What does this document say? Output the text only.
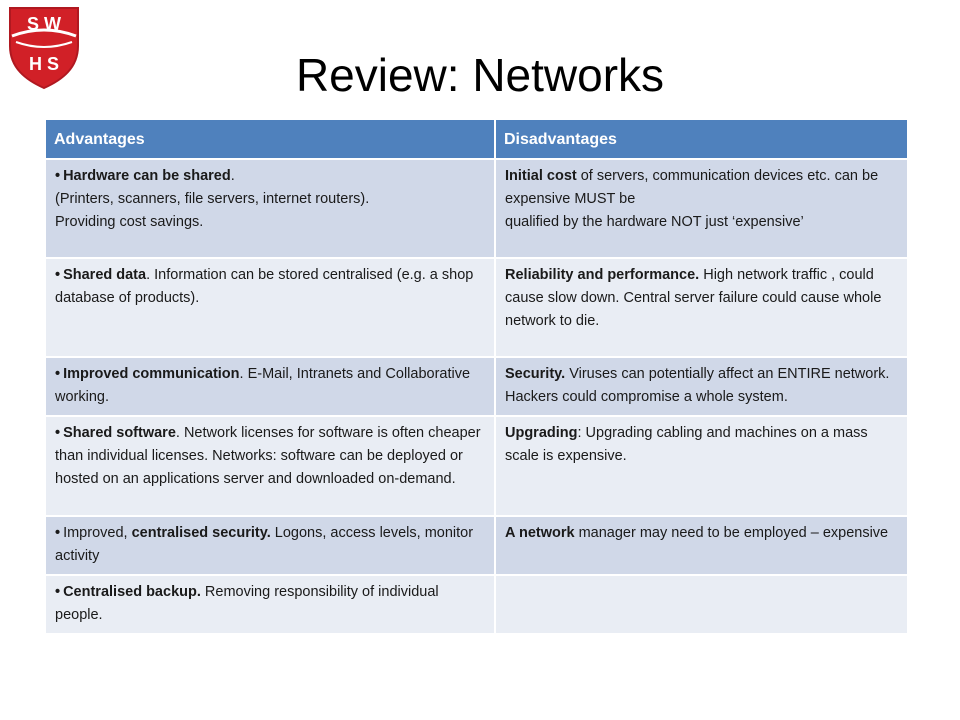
S W
H S	Review: Networks
Advantages	Disadvantages
• Hardware can be shared.
(Printers, scanners, file servers, internet routers).
Providing cost savings.	Initial cost of servers, communication devices etc. can be expensive MUST be
qualified by the hardware NOT just ‘expensive’
• Shared data. Information can be stored centralised (e.g. a shop database of products).	Reliability and performance. High network traffic , could cause slow down. Central server failure could cause whole network to die.
• Improved communication. E-Mail, Intranets and Collaborative working.	Security. Viruses can potentially affect an ENTIRE network. Hackers could compromise a whole system.
• Shared software. Network licenses for software is often cheaper than individual licenses. Networks: software can be deployed or hosted on an applications server and downloaded on-demand.	Upgrading: Upgrading cabling and machines on a mass scale is expensive.
• Improved, centralised security. Logons, access levels, monitor activity	A network manager may need to be employed – expensive
• Centralised backup. Removing responsibility of individual people.	
